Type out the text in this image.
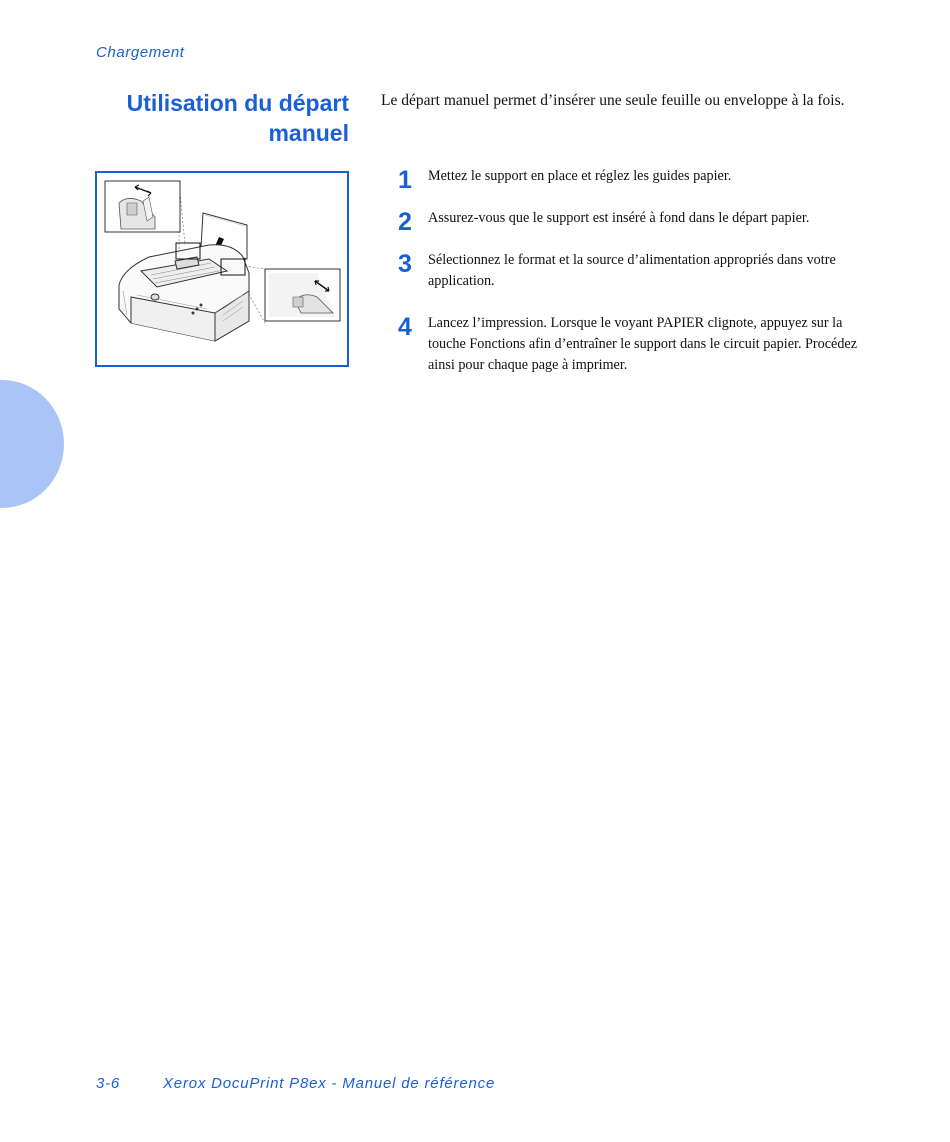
Chargement
Utilisation du départ
manuel
Le départ manuel permet d’insérer une seule feuille ou enveloppe à la fois.
1 Mettez le support en place et réglez les guides papier.
2 Assurez-vous que le support est inséré à fond dans le départ papier.
3 Sélectionnez le format et la source d’alimentation appropriés dans votre application.
4 Lancez l’impression. Lorsque le voyant PAPIER clignote, appuyez sur la touche Fonctions afin d’entraîner le support dans le circuit papier. Procédez ainsi pour chaque page à imprimer.
3-6	Xerox DocuPrint P8ex - Manuel de référence
